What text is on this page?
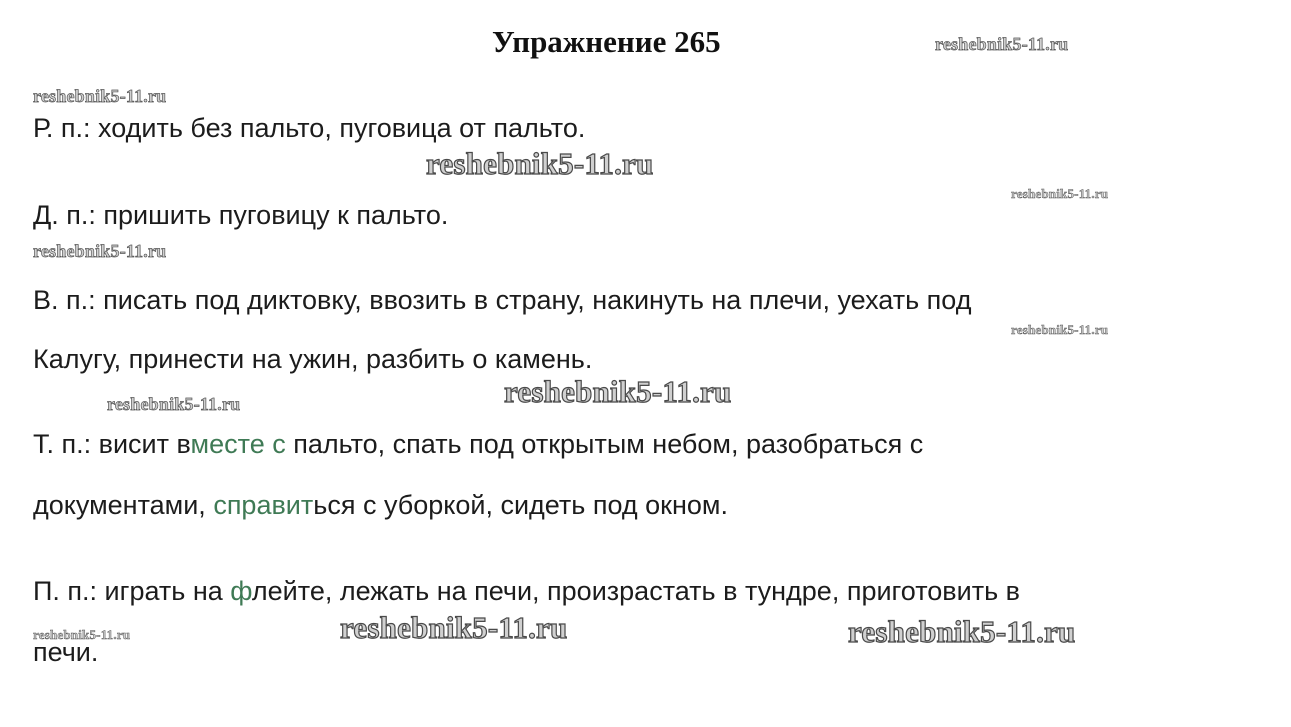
Упражнение 265	reshebnik5-11.ru
reshebnik5-11.ru
reshebnik5-11.ru
reshebnik5-11.ru
reshebnik5-11.ru
reshebnik5-11.ru
reshebnik5-11.ru
reshebnik5-11.ru
reshebnik5-11.ru	reshebnik5-11.ru
reshebnik5-11.ru
Р. п.: ходить без пальто, пуговица от пальто.
Д. п.: пришить пуговицу к пальто.
В. п.: писать под диктовку, ввозить в страну, накинуть на плечи, уехать под
Калугу, принести на ужин, разбить о камень.
Т. п.: висит вместе с пальто, спать под открытым небом, разобраться с
документами, справиться с уборкой, сидеть под окном.
П. п.: играть на флейте, лежать на печи, произрастать в тундре, приготовить в
печи.
